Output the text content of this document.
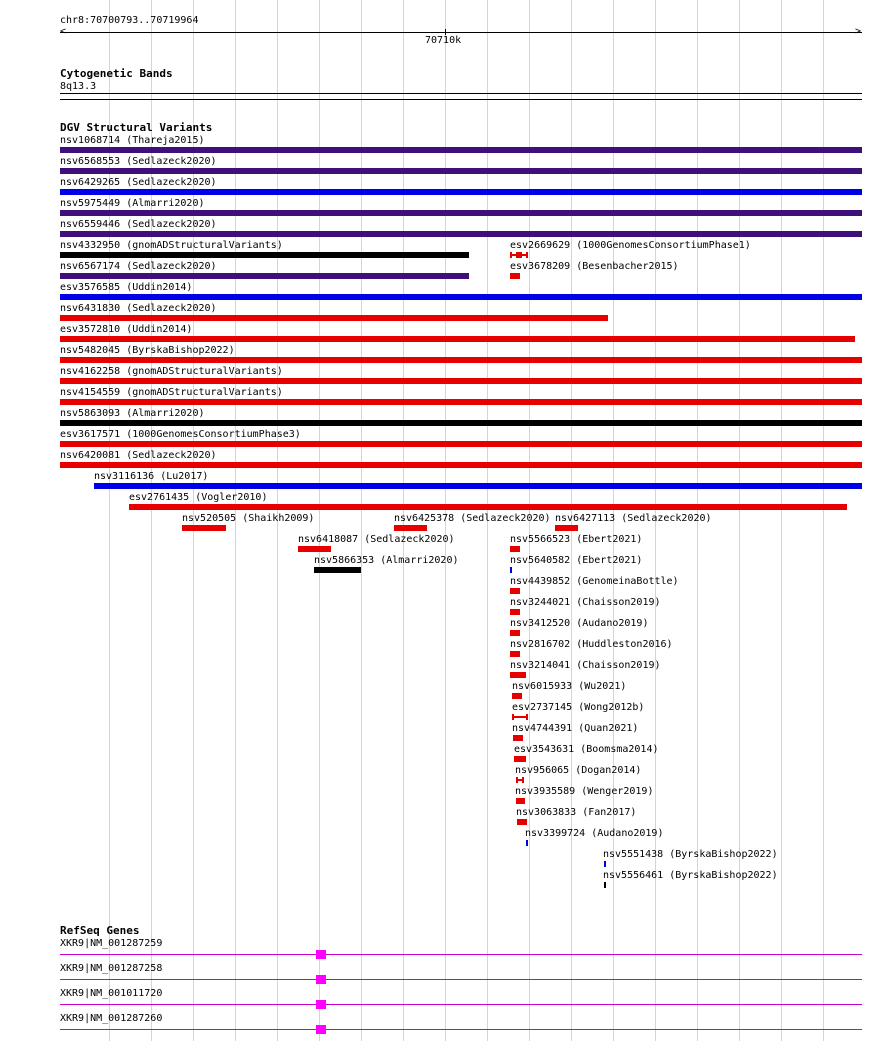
chr8:70700793..70719964
<	>
70710k
Cytogenetic Bands
8q13.3
DGV Structural Variants
nsv1068714 (Thareja2015)
nsv6568553 (Sedlazeck2020)
nsv6429265 (Sedlazeck2020)
nsv5975449 (Almarri2020)
nsv6559446 (Sedlazeck2020)
nsv4332950 (gnomADStructuralVariants)	esv2669629 (1000GenomesConsortiumPhase1)
nsv6567174 (Sedlazeck2020)	esv3678209 (Besenbacher2015)
esv3576585 (Uddin2014)
nsv6431830 (Sedlazeck2020)
esv3572810 (Uddin2014)
nsv5482045 (ByrskaBishop2022)
nsv4162258 (gnomADStructuralVariants)
nsv4154559 (gnomADStructuralVariants)
nsv5863093 (Almarri2020)
esv3617571 (1000GenomesConsortiumPhase3)
nsv6420081 (Sedlazeck2020)
nsv3116136 (Lu2017)
esv2761435 (Vogler2010)
nsv520505 (Shaikh2009)	nsv6425378 (Sedlazeck2020) nsv6427113 (Sedlazeck2020)
nsv6418087 (Sedlazeck2020)	nsv5566523 (Ebert2021)
nsv5866353 (Almarri2020)	nsv5640582 (Ebert2021)
nsv4439852 (GenomeinaBottle)
nsv3244021 (Chaisson2019)
nsv3412520 (Audano2019)
nsv2816702 (Huddleston2016)
nsv3214041 (Chaisson2019)
nsv6015933 (Wu2021)
esv2737145 (Wong2012b)
nsv4744391 (Quan2021)
esv3543631 (Boomsma2014)
nsv956065 (Dogan2014)
nsv3935589 (Wenger2019)
nsv3063833 (Fan2017)
nsv3399724 (Audano2019)
nsv5551438 (ByrskaBishop2022)
nsv5556461 (ByrskaBishop2022)
RefSeq Genes
XKR9|NM_001287259
XKR9|NM_001287258
XKR9|NM_001011720
XKR9|NM_001287260
